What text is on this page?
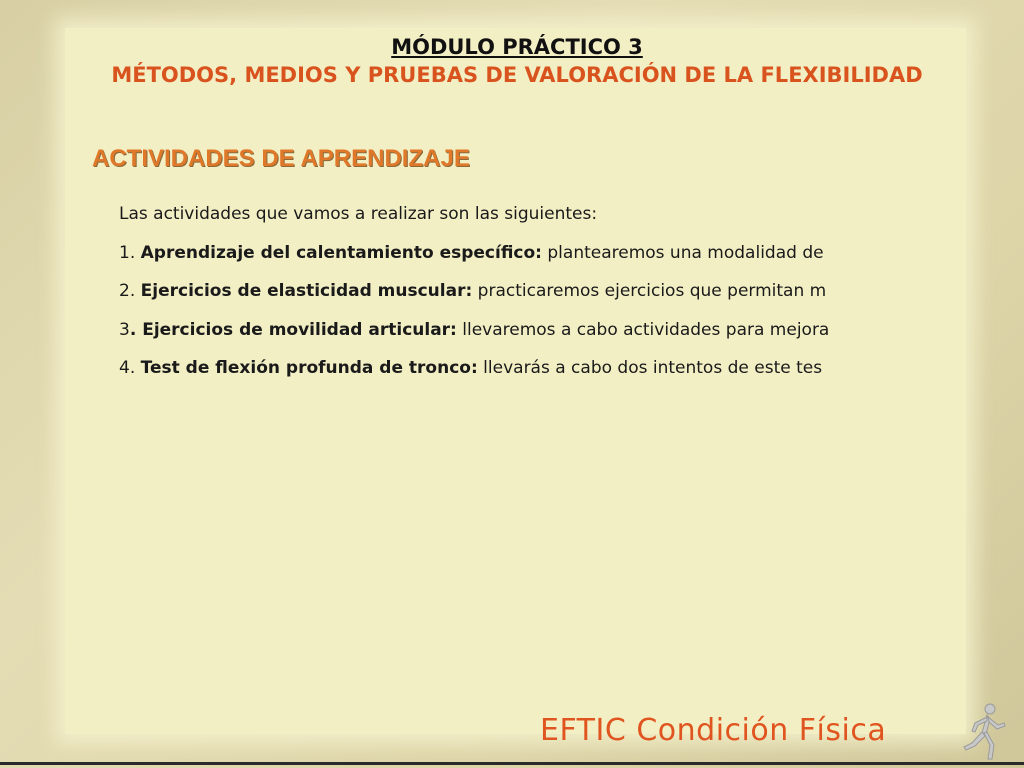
MÓDULO PRÁCTICO 3

MÉTODOS, MEDIOS Y PRUEBAS DE VALORACIÓN DE LA FLEXIBILIDAD

ACTIVIDADES DE APRENDIZAJE

Las actividades que vamos a realizar son las siguientes:

1. Aprendizaje del calentamiento específico: plantearemos una modalidad de

2. Ejercicios de elasticidad muscular: practicaremos ejercicios que permitan m

3. Ejercicios de movilidad articular: llevaremos a cabo actividades para mejora

4. Test de flexión profunda de tronco: llevarás a cabo dos intentos de este tes

EFTIC Condición Física
